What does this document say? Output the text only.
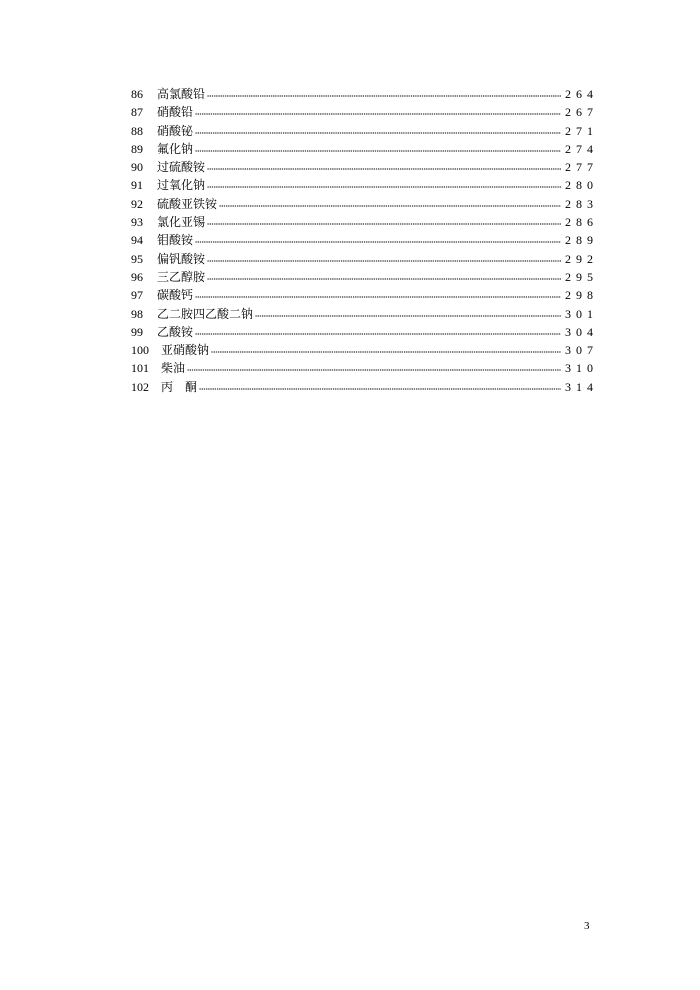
86	高氯酸铅	264
87	硝酸铅	267
88	硝酸铋	271
89	氟化钠	274
90	过硫酸铵	277
91	过氧化钠	280
92	硫酸亚铁铵	283
93	氯化亚锡	286
94	钼酸铵	289
95	偏钒酸铵	292
96	三乙醇胺	295
97	碳酸钙	298
98	乙二胺四乙酸二钠	301
99	乙酸铵	304
100	亚硝酸钠	307
101	柴油	310
102	丙　酮	314
3
